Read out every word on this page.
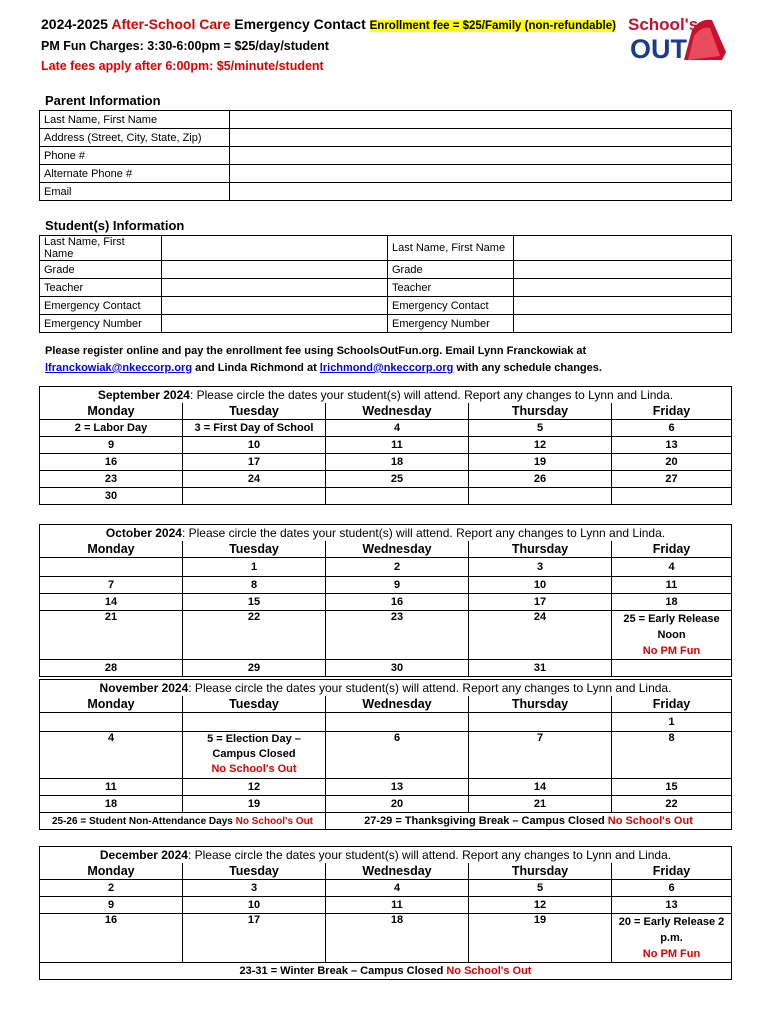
2024-2025 After-School Care Emergency Contact Enrollment fee = $25/Family (non-refundable)
PM Fun Charges: 3:30-6:00pm = $25/day/student
Late fees apply after 6:00pm: $5/minute/student
School's
OUT
Parent Information
Last Name, First Name	
Address (Street, City, State, Zip)	
Phone #	
Alternate Phone #	
Email	
Student(s) Information
Last Name, First Name		Last Name, First Name	
Grade		Grade	
Teacher		Teacher	
Emergency Contact		Emergency Contact	
Emergency Number		Emergency Number	
Please register online and pay the enrollment fee using SchoolsOutFun.org. Email Lynn Franckowiak at
lfranckowiak@nkeccorp.org and Linda Richmond at lrichmond@nkeccorp.org with any schedule changes.
September 2024: Please circle the dates your student(s) will attend. Report any changes to Lynn and Linda.				
Monday	Tuesday	Wednesday	Thursday	Friday
2 = Labor Day	3 = First Day of School	4	5	6
9	10	11	12	13
16	17	18	19	20
23	24	25	26	27
30				
October 2024: Please circle the dates your student(s) will attend. Report any changes to Lynn and Linda.				
Monday	Tuesday	Wednesday	Thursday	Friday
	1	2	3	4
7	8	9	10	11
14	15	16	17	18
21	22	23	24	25 = Early Release Noon
No PM Fun
28	29	30	31	
November 2024: Please circle the dates your student(s) will attend. Report any changes to Lynn and Linda.				
Monday	Tuesday	Wednesday	Thursday	Friday
				1
4	5 = Election Day –
Campus Closed
No School's Out	6	7	8
11	12	13	14	15
18	19	20	21	22
25-26 = Student Non-Attendance Days No School's Out		27-29 = Thanksgiving Break – Campus Closed No School's Out		
December 2024: Please circle the dates your student(s) will attend. Report any changes to Lynn and Linda.				
Monday	Tuesday	Wednesday	Thursday	Friday
2	3	4	5	6
9	10	11	12	13
16	17	18	19	20 = Early Release 2 p.m.
No PM Fun
23-31 = Winter Break – Campus Closed No School's Out				
